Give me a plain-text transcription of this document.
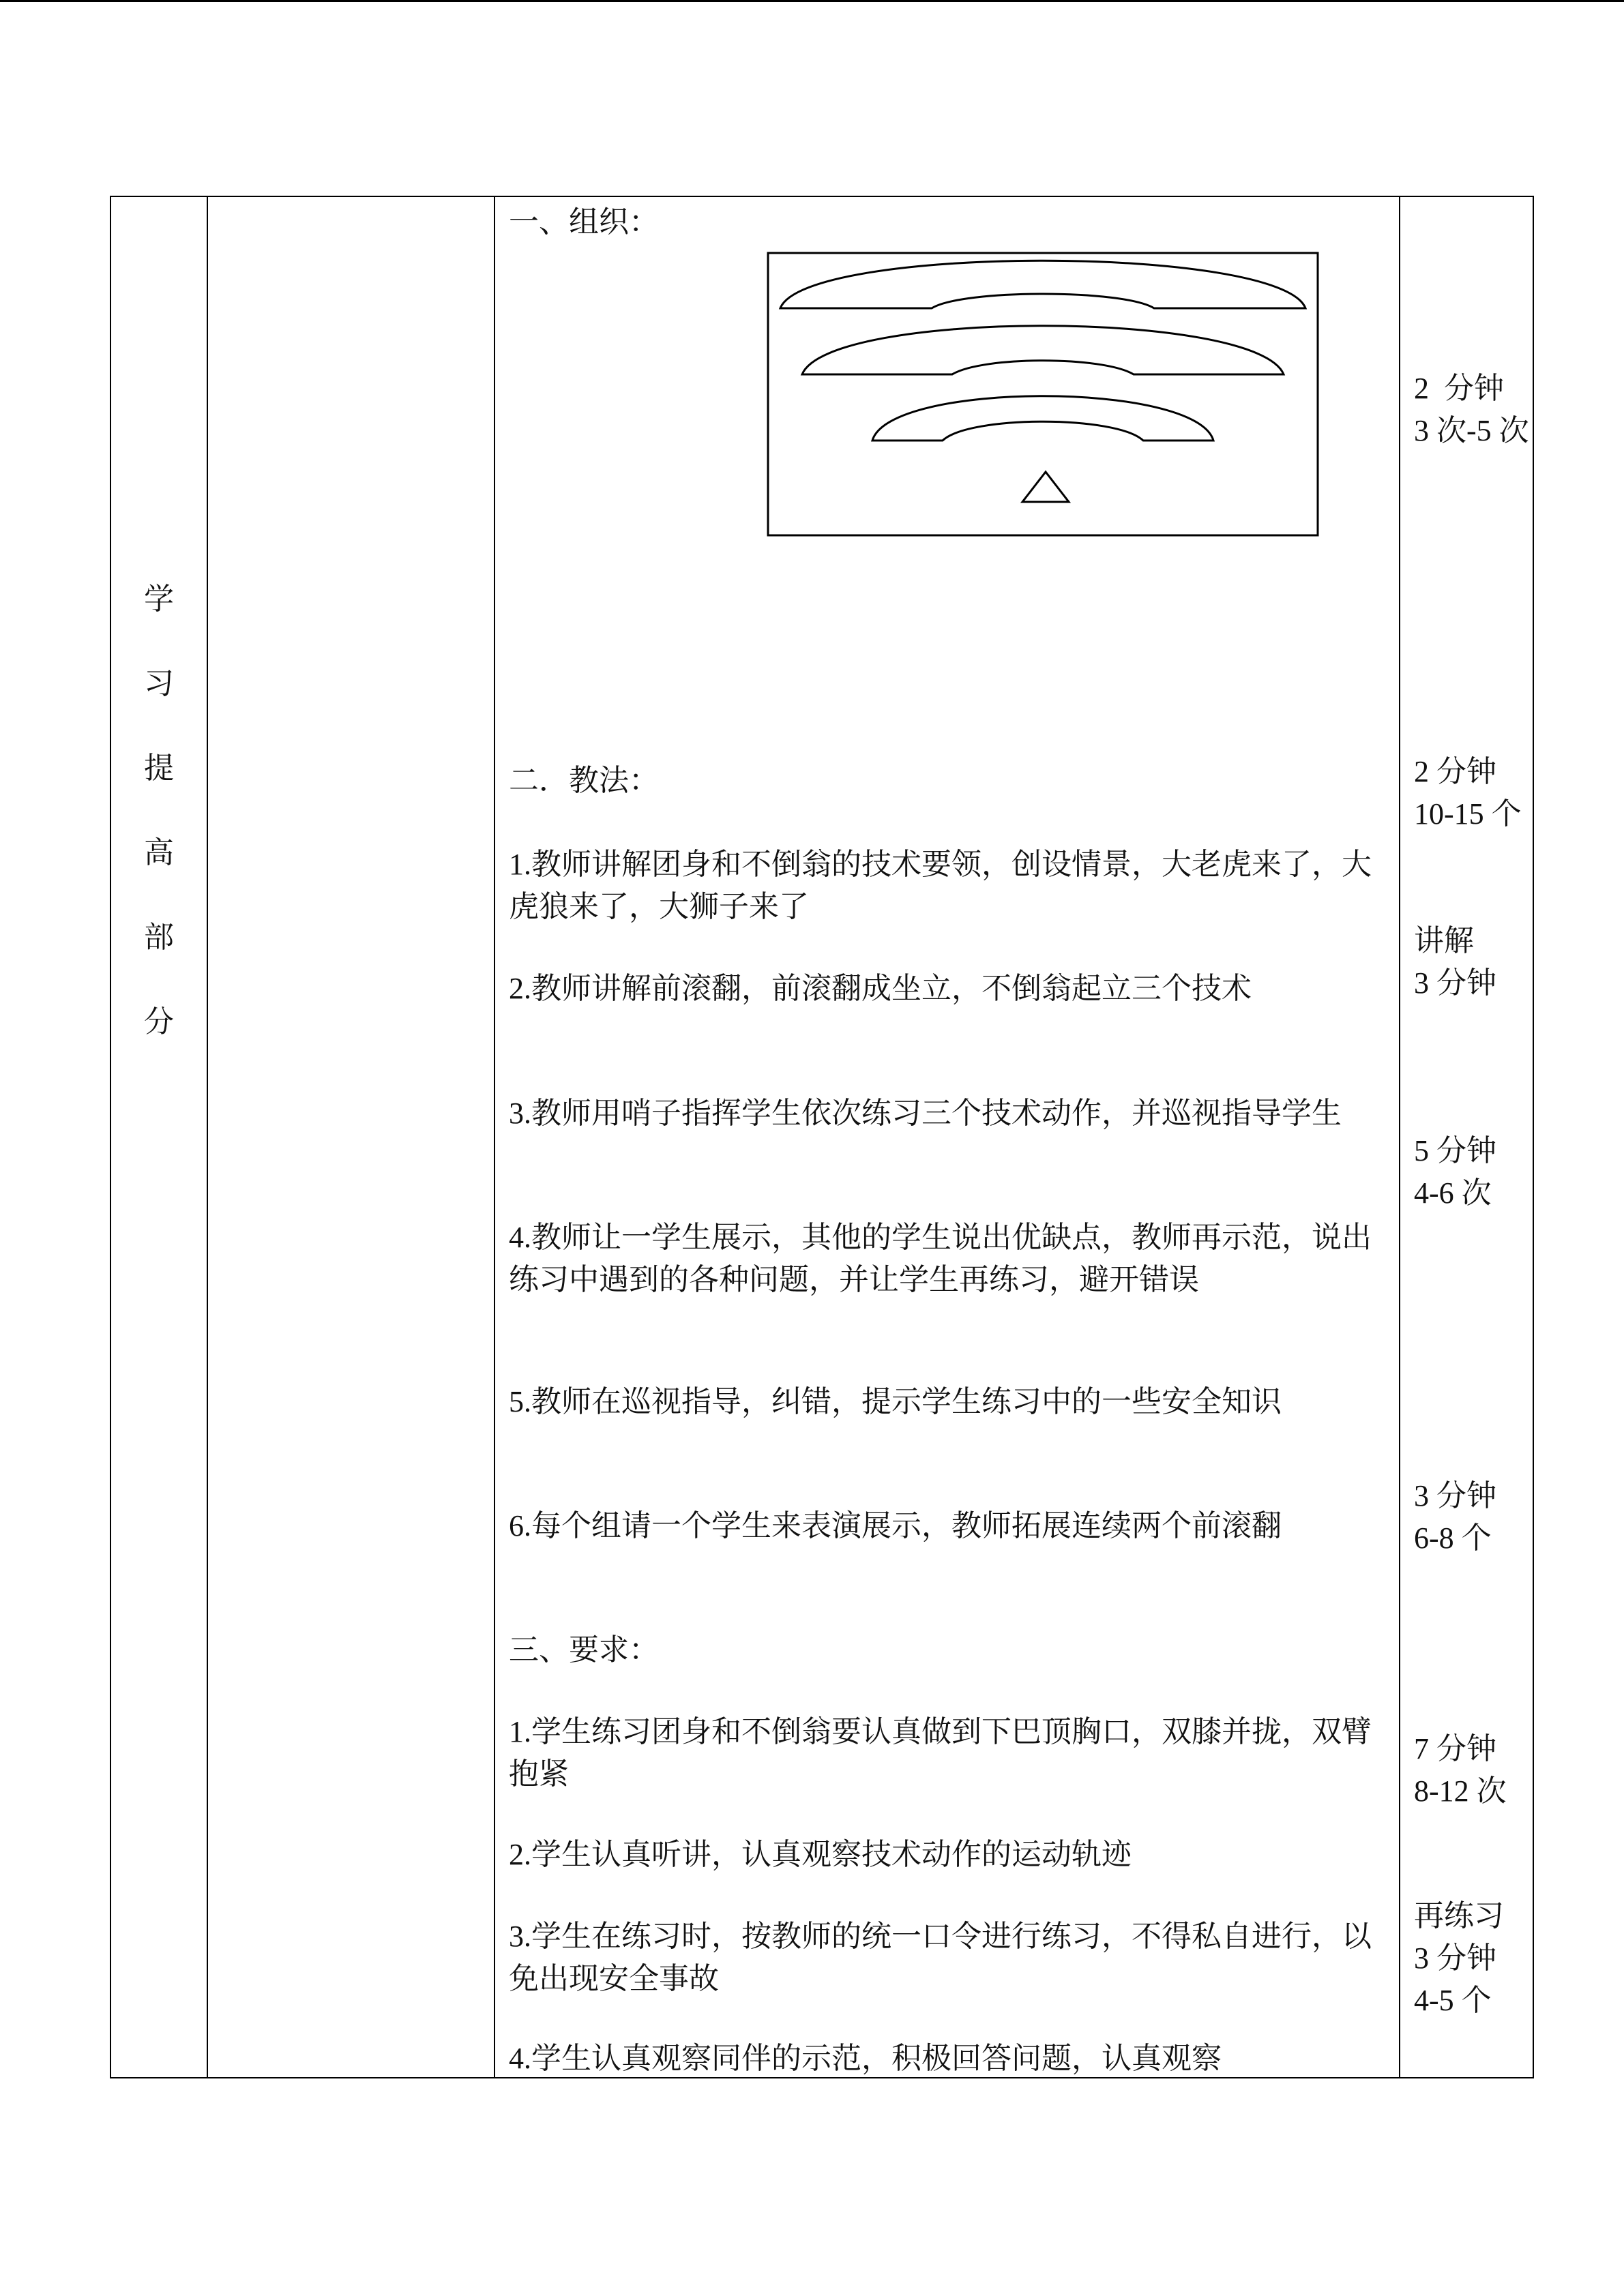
学
习
提
高
部
分
一、组织：
二．教法：
1.教师讲解团身和不倒翁的技术要领，创设情景，大老虎来了，大虎狼来了，大狮子来了
2.教师讲解前滚翻，前滚翻成坐立，不倒翁起立三个技术
3.教师用哨子指挥学生依次练习三个技术动作，并巡视指导学生
4.教师让一学生展示，其他的学生说出优缺点，教师再示范，说出练习中遇到的各种问题，并让学生再练习，避开错误
5.教师在巡视指导，纠错，提示学生练习中的一些安全知识
6.每个组请一个学生来表演展示，教师拓展连续两个前滚翻
三、要求：
1.学生练习团身和不倒翁要认真做到下巴顶胸口，双膝并拢，双臂抱紧
2.学生认真听讲，认真观察技术动作的运动轨迹
3.学生在练习时，按教师的统一口令进行练习，不得私自进行，以免出现安全事故
4.学生认真观察同伴的示范，积极回答问题，认真观察
2  分钟
3 次-5 次
2 分钟
10-15 个
讲解
3 分钟
5 分钟
4-6 次
3 分钟
6-8 个
7 分钟
8-12 次
再练习
3 分钟
4-5 个
